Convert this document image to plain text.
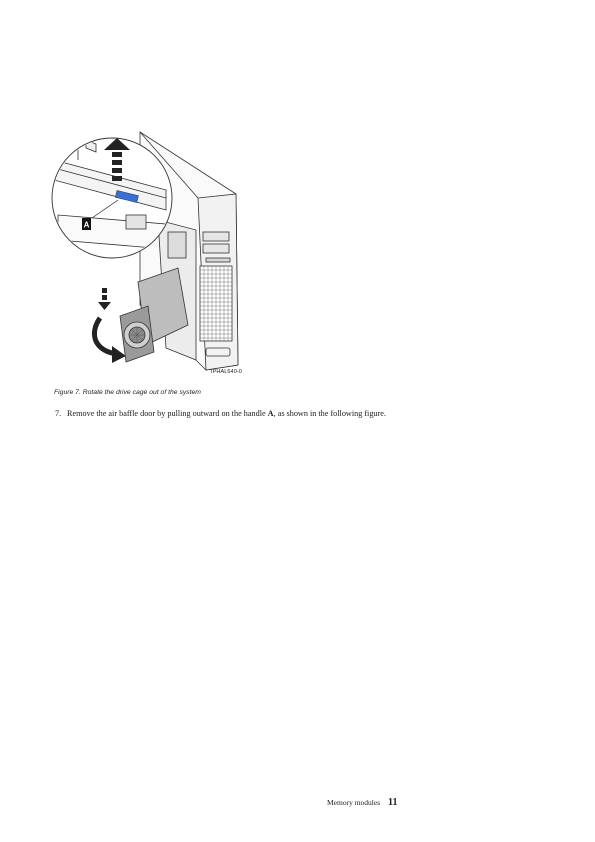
A
IPHAL640-0
Figure 7. Rotate the drive cage out of the system
7. Remove the air baffle door by pulling outward on the handle A, as shown in the following figure.
Memory modules 11
